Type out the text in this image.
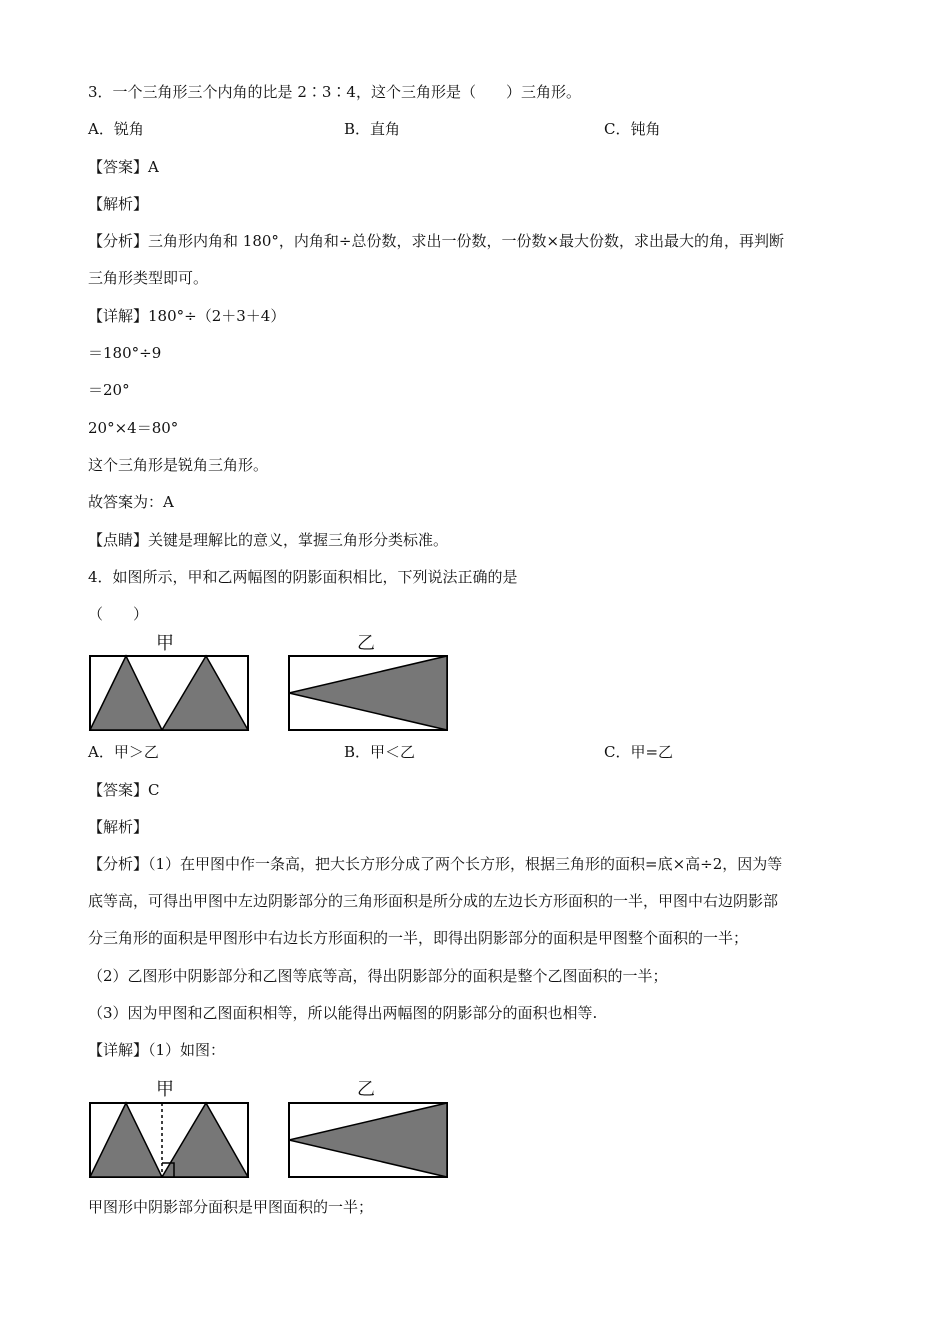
3．一个三角形三个内角的比是 2∶3∶4，这个三角形是（　　）三角形。
A．锐角	B．直角	C．钝角
【答案】A
【解析】
【分析】三角形内角和 180°，内角和÷总份数，求出一份数，一份数×最大份数，求出最大的角，再判断
三角形类型即可。
【详解】180°÷（2＋3＋4）
＝180°÷9
＝20°
20°×4＝80°
这个三角形是锐角三角形。
故答案为：A
【点睛】关键是理解比的意义，掌握三角形分类标准。
4．如图所示，甲和乙两幅图的阴影面积相比，下列说法正确的是
（　　）
甲	乙
A．甲＞乙	B．甲＜乙	C．甲=乙
【答案】C
【解析】
【分析】（1）在甲图中作一条高，把大长方形分成了两个长方形，根据三角形的面积=底×高÷2，因为等
底等高，可得出甲图中左边阴影部分的三角形面积是所分成的左边长方形面积的一半，甲图中右边阴影部
分三角形的面积是甲图形中右边长方形面积的一半，即得出阴影部分的面积是甲图整个面积的一半；
（2）乙图形中阴影部分和乙图等底等高，得出阴影部分的面积是整个乙图面积的一半；
（3）因为甲图和乙图面积相等，所以能得出两幅图的阴影部分的面积也相等.
【详解】（1）如图：
甲	乙
甲图形中阴影部分面积是甲图面积的一半；
